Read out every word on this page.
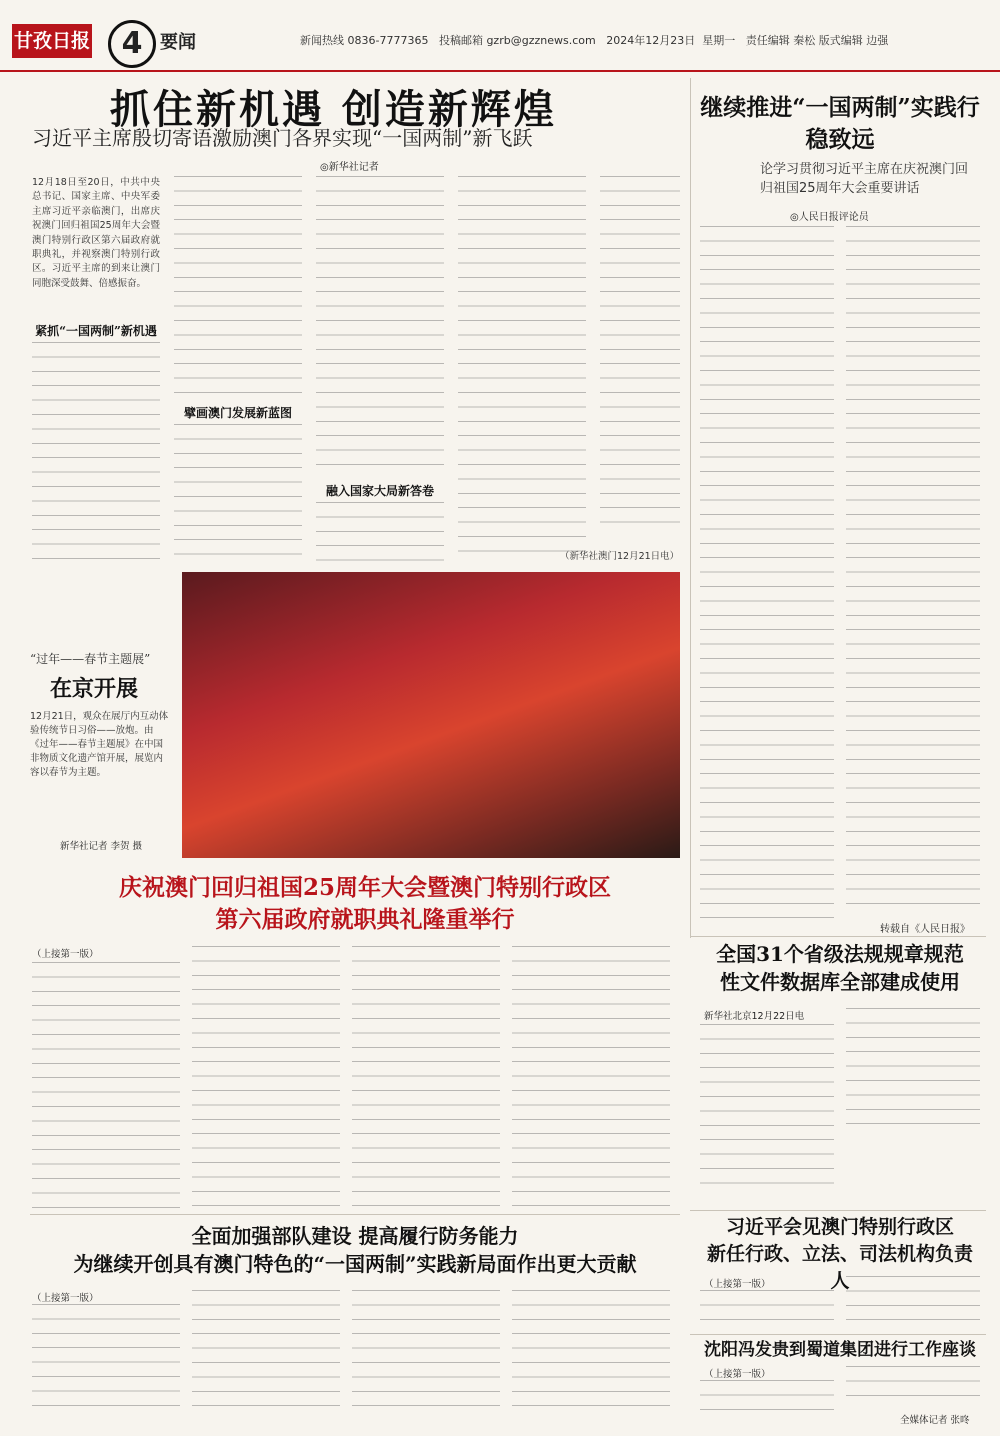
甘孜日报	4 要闻	新闻热线 0836-7777365 投稿邮箱 gzrb@gzznews.com 2024年12月23日 星期一 责任编辑 秦松 版式编辑 边强
抓住新机遇 创造新辉煌
习近平主席殷切寄语激励澳门各界实现“一国两制”新飞跃
◎新华社记者
12月18日至20日，中共中央总书记、国家主席、中央军委主席习近平亲临澳门，出席庆祝澳门回归祖国25周年大会暨澳门特别行政区第六届政府就职典礼，并视察澳门特别行政区。习近平主席的到来让澳门同胞深受鼓舞、倍感振奋。
紧抓“一国两制”新机遇
擘画澳门发展新蓝图
融入国家大局新答卷
（新华社澳门12月21日电）
继续推进“一国两制”实践行稳致远
论学习贯彻习近平主席在庆祝澳门回归祖国25周年大会重要讲话
◎人民日报评论员
转载自《人民日报》
“过年——春节主题展”
在京开展
12月21日，观众在展厅内互动体验传统节日习俗——放炮。由《过年——春节主题展》在中国非物质文化遗产馆开展，展览内容以春节为主题。
新华社记者 李贺 摄
庆祝澳门回归祖国25周年大会暨澳门特别行政区
第六届政府就职典礼隆重举行
（上接第一版）	全国31个省级法规规章规范
性文件数据库全部建成使用
新华社北京12月22日电
习近平会见澳门特别行政区
新任行政、立法、司法机构负责人
（上接第一版）
沈阳冯发贵到蜀道集团进行工作座谈
（上接第一版）
全媒体记者 张咚
全面加强部队建设 提高履行防务能力
为继续开创具有澳门特色的“一国两制”实践新局面作出更大贡献
（上接第一版）
